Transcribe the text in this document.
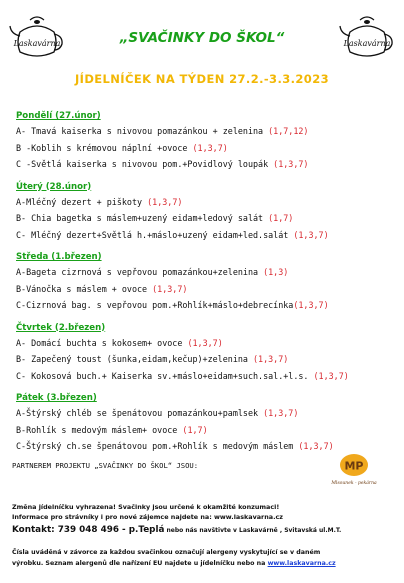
Laskavárna	Laskavárna
„SVAČINKY DO ŠKOL“
JÍDELNÍČEK NA TÝDEN 27.2.-3.3.2023
Pondělí (27.únor)
A- Tmavá kaiserka s nivovou pomazánkou + zelenina (1,7,12)
B -Koblih s krémovou náplní +ovoce (1,3,7)
C -Světlá kaiserka s nivovou pom.+Povidlový loupák (1,3,7)
Úterý (28.únor)
A-Mléčný dezert + piškoty (1,3,7)
B- Chia bagetka s máslem+uzený eidam+ledový salát (1,7)
C- Mléčný dezert+Světlá h.+máslo+uzený eidam+led.salát (1,3,7)
Středa (1.březen)
A-Bageta cizrnová s vepřovou pomazánkou+zelenina (1,3)
B-Vánočka s máslem + ovoce (1,3,7)
C-Cizrnová bag. s vepřovou pom.+Rohlík+máslo+debrecínka(1,3,7)
Čtvrtek (2.březen)
A- Domácí buchta s kokosem+ ovoce (1,3,7)
B- Zapečený toust (šunka,eidam,kečup)+zelenina (1,3,7)
C- Kokosová buch.+ Kaiserka sv.+máslo+eidam+such.sal.+l.s. (1,3,7)
Pátek (3.březen)
A-Štýrský chléb se špenátovou pomazánkou+pamlsek (1,3,7)
B-Rohlík s medovým máslem+ ovoce (1,7)
C-Štýrský ch.se špenátovou pom.+Rohlík s medovým máslem (1,3,7)
PARTNEREM PROJEKTU „SVAČINKY DO ŠKOL“ JSOU:	MP
Mlsounek - pekárna
Změna jídelníčku vyhrazena! Svačinky jsou určené k okamžité konzumaci!
Informace pro strávníky i pro nové zájemce najdete na: www.laskavarna.cz
Kontakt: 739 048 496 - p.Teplá nebo nás navštivte v Laskavárně , Svitavská ul.M.T.
Čísla uváděná v závorce za každou svačinkou označují alergeny vyskytující se v daném
výrobku. Seznam alergenů dle nařízení EU najdete u jídelníčku nebo na www.laskavarna.cz
